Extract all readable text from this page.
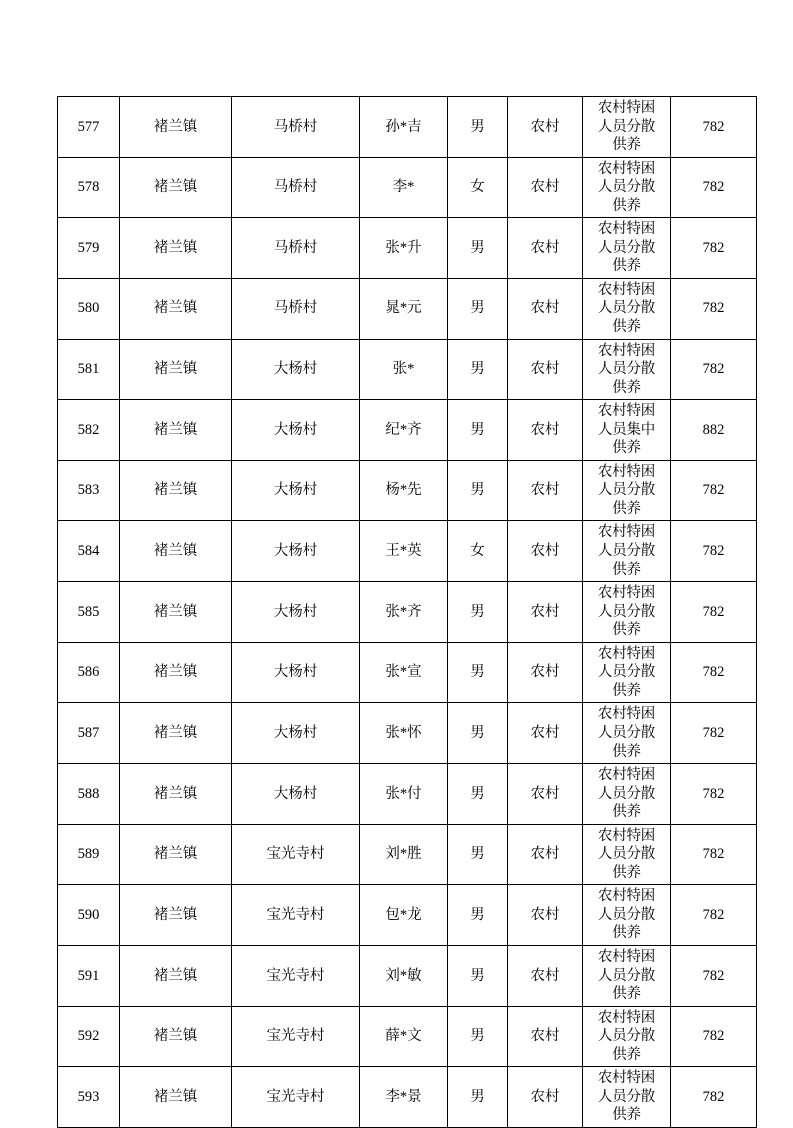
577	褚兰镇	马桥村	孙*吉	男	农村	农村特困
人员分散
供养	782
578	褚兰镇	马桥村	李*	女	农村	农村特困
人员分散
供养	782
579	褚兰镇	马桥村	张*升	男	农村	农村特困
人员分散
供养	782
580	褚兰镇	马桥村	晁*元	男	农村	农村特困
人员分散
供养	782
581	褚兰镇	大杨村	张*	男	农村	农村特困
人员分散
供养	782
582	褚兰镇	大杨村	纪*齐	男	农村	农村特困
人员集中
供养	882
583	褚兰镇	大杨村	杨*先	男	农村	农村特困
人员分散
供养	782
584	褚兰镇	大杨村	王*英	女	农村	农村特困
人员分散
供养	782
585	褚兰镇	大杨村	张*齐	男	农村	农村特困
人员分散
供养	782
586	褚兰镇	大杨村	张*宣	男	农村	农村特困
人员分散
供养	782
587	褚兰镇	大杨村	张*怀	男	农村	农村特困
人员分散
供养	782
588	褚兰镇	大杨村	张*付	男	农村	农村特困
人员分散
供养	782
589	褚兰镇	宝光寺村	刘*胜	男	农村	农村特困
人员分散
供养	782
590	褚兰镇	宝光寺村	包*龙	男	农村	农村特困
人员分散
供养	782
591	褚兰镇	宝光寺村	刘*敏	男	农村	农村特困
人员分散
供养	782
592	褚兰镇	宝光寺村	薛*文	男	农村	农村特困
人员分散
供养	782
593	褚兰镇	宝光寺村	李*景	男	农村	农村特困
人员分散
供养	782
